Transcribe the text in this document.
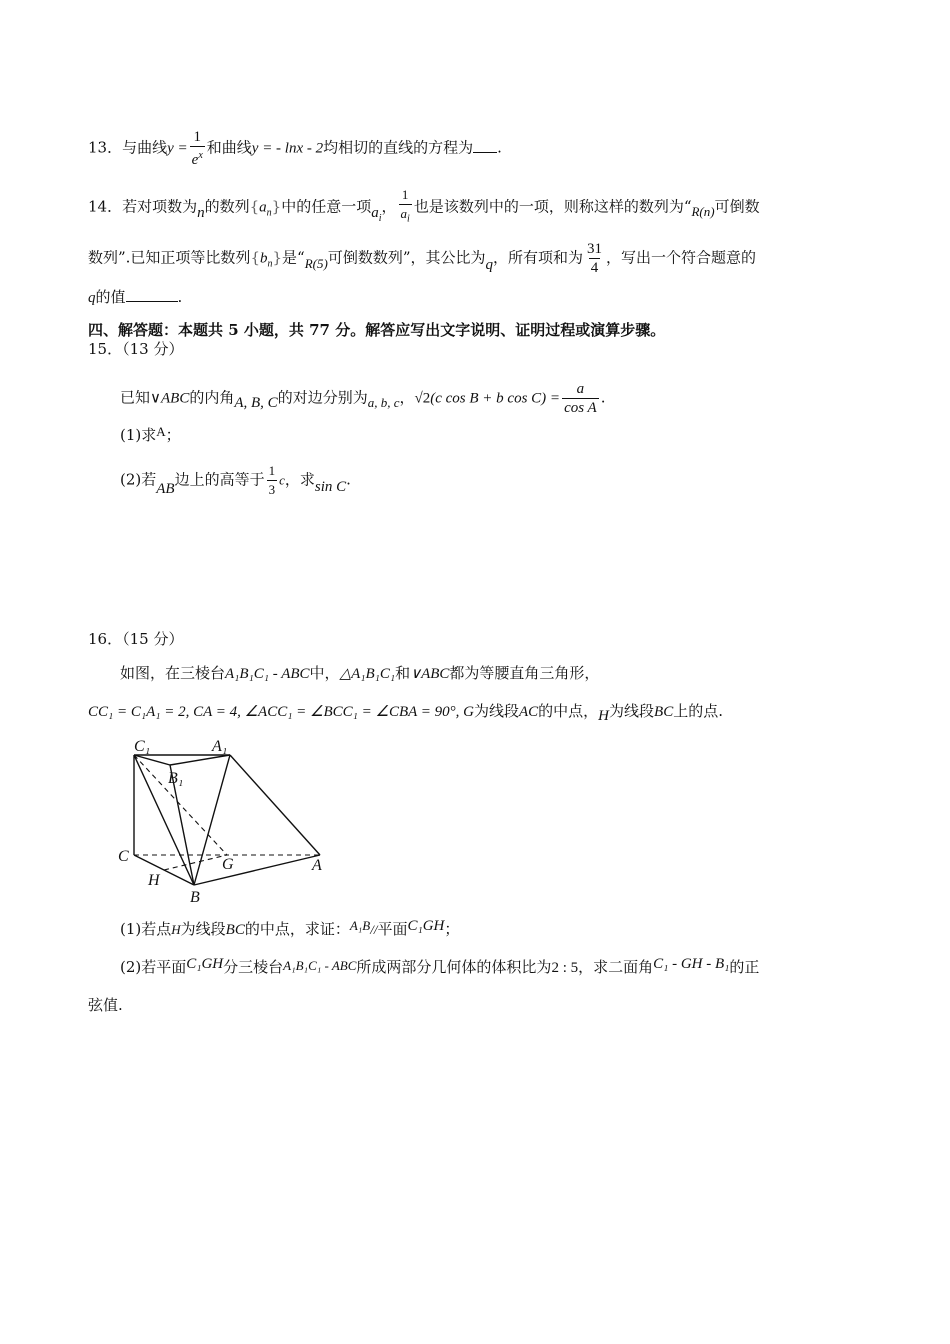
13．与曲线$y = \frac{1}{e^x}$ 和曲线y = - lnx - 2均相切的直线的方程为 .
14．若对项数为n的数列$\{a_n\}$中的任意一项$a_i$， $\frac{1}{a_i}$ 也是该数列中的一项，则称这样的数列为“R(n)可倒数
数列”.已知正项等比数列$\{b_n\}$是“R(5)可倒数数列”，其公比为q，所有项和为 $\frac{31}{4}$ ，写出一个符合题意的
q的值	.
四、解答题：本题共 5 小题，共 77 分。解答应写出文字说明、证明过程或演算步骤。
15．（13 分）
已知∨ABC的内角A, B, C的对边分别为a, b, c，√2(c cos B + b $\cos C) = \frac{a}{\text{cos A}}$ .
(1)求A；
(2)若AB边上的高等于 $\frac{1}{3}$ c，求sin C.
16．（15 分）
如图，在三棱台A₁B₁C₁ - ABC中，△A₁B₁C₁和∨ABC都为等腰直角三角形，
CC₁ = C₁A₁ = 2, CA = 4, ∠ACC₁ = ∠BCC₁ = ∠CBA = 90°, G为线段AC的中点，H为线段BC上的点.
C₁	A₁
B₁
C	G	A
H
B
(1)若点H为线段BC的中点，求证：A₁B//平面C₁GH；
(2)若平面C₁GH分三棱台A₁B₁C₁ - ABC所成两部分几何体的体积比为2 : 5，求二面角C₁ - GH - B₁的正
弦值.
